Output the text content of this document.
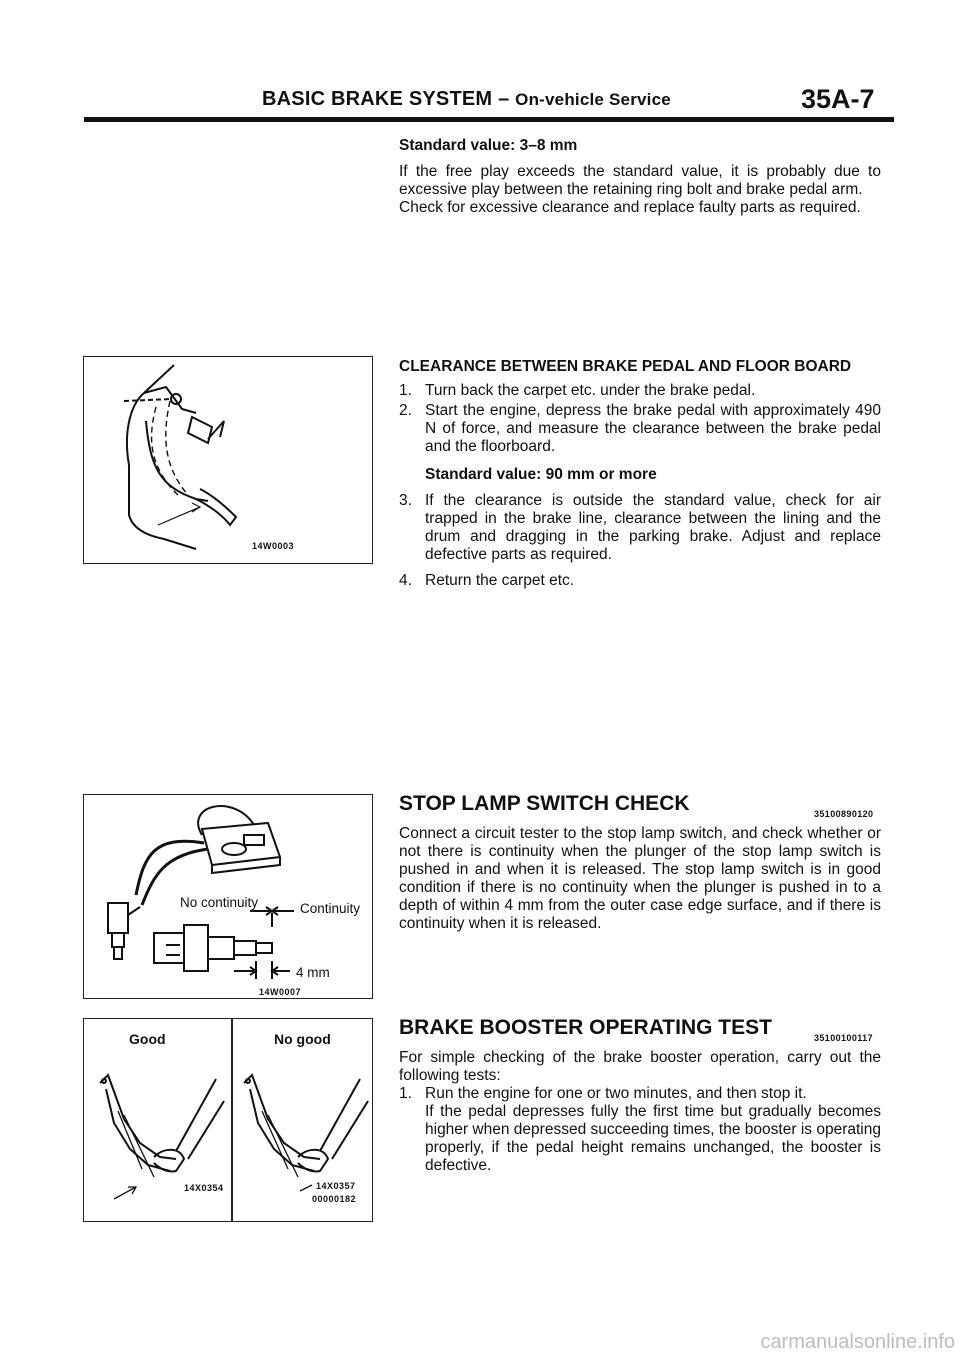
BASIC BRAKE SYSTEM – On-vehicle Service	35A-7
Standard value: 3–8 mm

If the free play exceeds the standard value, it is probably due to excessive play between the retaining ring bolt and brake pedal arm.

Check for excessive clearance and replace faulty parts as required.

14W0003
CLEARANCE BETWEEN BRAKE PEDAL AND FLOOR BOARD
1. Turn back the carpet etc. under the brake pedal.
2. Start the engine, depress the brake pedal with approximately 490 N of force, and measure the clearance between the brake pedal and the floorboard.
Standard value: 90 mm or more
3. If the clearance is outside the standard value, check for air trapped in the brake line, clearance between the lining and the drum and dragging in the parking brake. Adjust and replace defective parts as required.
4. Return the carpet etc.
No continuity	Continuity
4 mm
14W0007
STOP LAMP SWITCH CHECK	35100890120

Connect a circuit tester to the stop lamp switch, and check whether or not there is continuity when the plunger of the stop lamp switch is pushed in and when it is released. The stop lamp switch is in good condition if there is no continuity when the plunger is pushed in to a depth of within 4 mm from the outer case edge surface, and if there is continuity when it is released.

Good	No good
14X0354	14X0357
00000182
BRAKE BOOSTER OPERATING TEST	35100100117

For simple checking of the brake booster operation, carry out the following tests:

1. Run the engine for one or two minutes, and then stop it.
If the pedal depresses fully the first time but gradually becomes higher when depressed succeeding times, the booster is operating properly, if the pedal height remains unchanged, the booster is defective.
carmanualsonline.info
